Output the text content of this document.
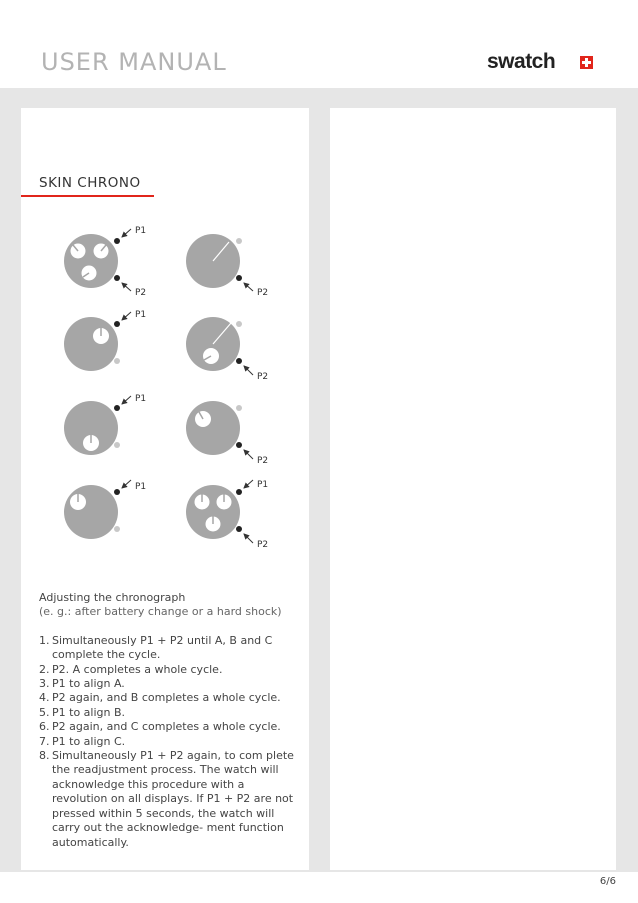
USER MANUAL	swatch
SKIN CHRONO
P1
P2	P2
P1
P2
P1
P2
P1	P1
P2

Adjusting the chronograph

(e. g.: after battery change or a hard shock)

1. Simultaneously P1 + P2 until A, B and C complete the cycle.
2. P2. A completes a whole cycle.
3. P1 to align A.
4. P2 again, and B completes a whole cycle.
5. P1 to align B.
6. P2 again, and C completes a whole cycle.
7. P1 to align C.
8. Simultaneously P1 + P2 again, to com plete the readjustment process. The watch will acknowledge this procedure with a revolution on all displays. If P1 + P2 are not pressed within 5 seconds, the watch will carry out the acknowledge- ment function automatically.
6/6
